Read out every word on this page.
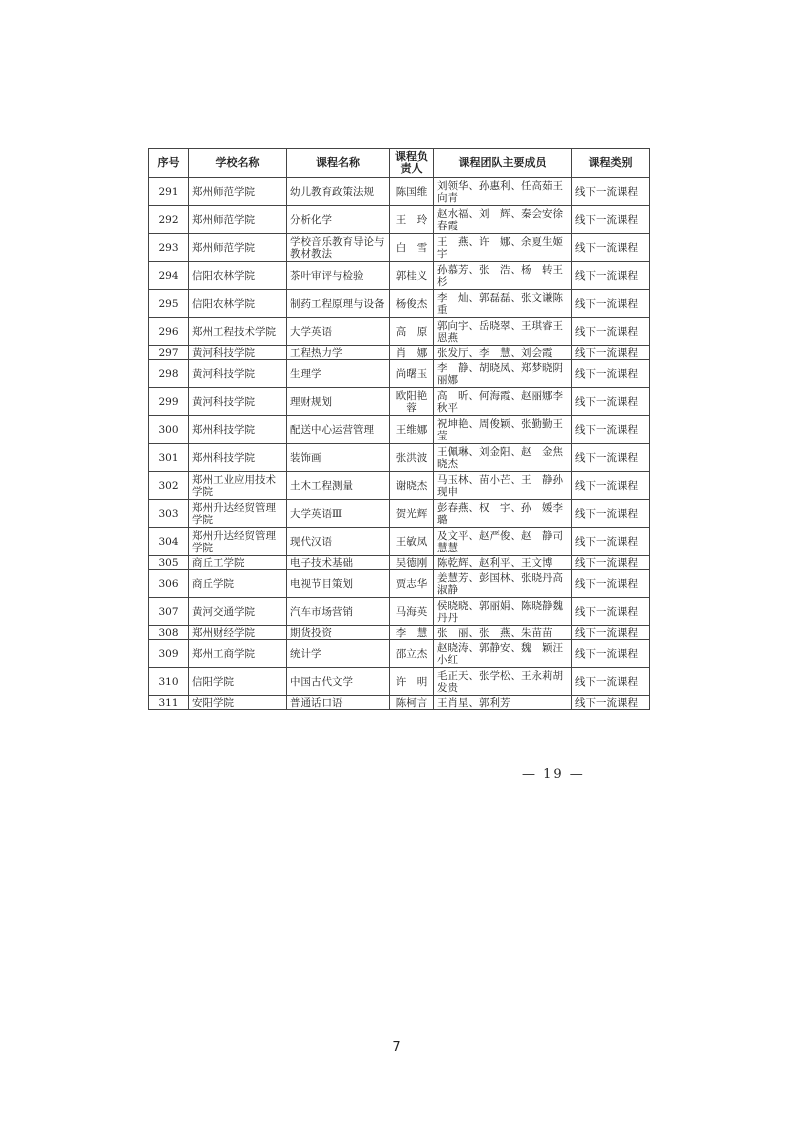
序号	学校名称	课程名称	课程负责人	课程团队主要成员	课程类别
291	郑州师范学院	幼儿教育政策法规	陈国维	刘领华、孙惠利、任高茹王向青	线下一流课程
292	郑州师范学院	分析化学	王　玲	赵水福、刘　辉、秦会安徐春霞	线下一流课程
293	郑州师范学院	学校音乐教育导论与教材教法	白　雪	王　燕、许　娜、余夏生姬　宇	线下一流课程
294	信阳农林学院	茶叶审评与检验	郭桂义	孙慕芳、张　浩、杨　转王　杉	线下一流课程
295	信阳农林学院	制药工程原理与设备	杨俊杰	李　灿、郭磊磊、张文谦陈　重	线下一流课程
296	郑州工程技术学院	大学英语	高　原	郭向宇、岳晓翠、王琪睿王恩燕	线下一流课程
297	黄河科技学院	工程热力学	肖　娜	张发厅、李　慧、刘会霞	线下一流课程
298	黄河科技学院	生理学	尚曙玉	李　静、胡晓凤、郑梦晓阴丽娜	线下一流课程
299	黄河科技学院	理财规划	欧阳艳蓉	高　昕、何海霞、赵丽娜李秋平	线下一流课程
300	郑州科技学院	配送中心运营管理	王维娜	祝坤艳、周俊颖、张勤勤王　莹	线下一流课程
301	郑州科技学院	装饰画	张洪波	王佩琳、刘金阳、赵　金焦晓杰	线下一流课程
302	郑州工业应用技术学院	土木工程测量	谢晓杰	马玉林、苗小芒、王　静孙现申	线下一流课程
303	郑州升达经贸管理学院	大学英语Ⅲ	贺光辉	彭春燕、权　宇、孙　媛李　璐	线下一流课程
304	郑州升达经贸管理学院	现代汉语	王敏凤	及文平、赵严俊、赵　静司慧慧	线下一流课程
305	商丘工学院	电子技术基础	吴德刚	陈乾辉、赵利平、王文博	线下一流课程
306	商丘学院	电视节目策划	贾志华	姜慧芳、彭国林、张晓丹高淑静	线下一流课程
307	黄河交通学院	汽车市场营销	马海英	侯晓晓、郭丽娟、陈晓静魏丹丹	线下一流课程
308	郑州财经学院	期货投资	李　慧	张　丽、张　燕、朱苗苗	线下一流课程
309	郑州工商学院	统计学	邵立杰	赵晓涛、郭静安、魏　颖汪小红	线下一流课程
310	信阳学院	中国古代文学	许　明	毛正天、张学松、王永莉胡发贵	线下一流课程
311	安阳学院	普通话口语	陈柯言	王肖星、郭利芳	线下一流课程
— 19 —
7
